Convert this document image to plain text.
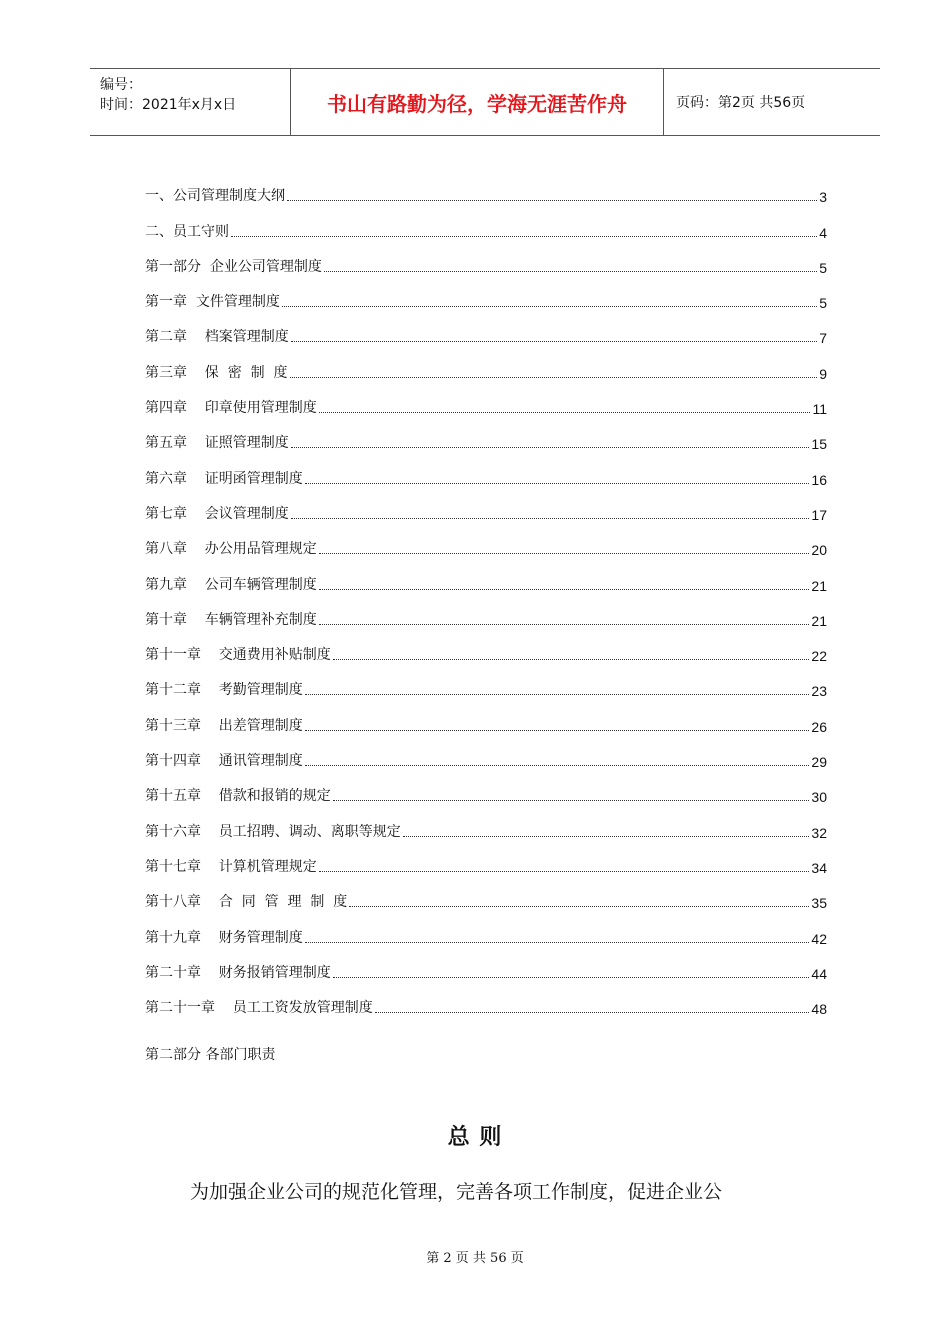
编号：
时间：2021年x月x日	书山有路勤为径，学海无涯苦作舟	页码：第2页 共56页
一、公司管理制度大纲	3
二、员工守则	4
第一部分  企业公司管理制度	5
第一章  文件管理制度	5
第二章    档案管理制度	7
第三章    保  密  制  度	9
第四章    印章使用管理制度	11
第五章    证照管理制度	15
第六章    证明函管理制度	16
第七章    会议管理制度	17
第八章    办公用品管理规定	20
第九章    公司车辆管理制度	21
第十章    车辆管理补充制度	21
第十一章    交通费用补贴制度	22
第十二章    考勤管理制度	23
第十三章    出差管理制度	26
第十四章    通讯管理制度	29
第十五章    借款和报销的规定	30
第十六章    员工招聘、调动、离职等规定	32
第十七章    计算机管理规定	34
第十八章    合  同  管  理  制  度	35
第十九章    财务管理制度	42
第二十章    财务报销管理制度	44
第二十一章    员工工资发放管理制度	48
第二部分 各部门职责
总 则
为加强企业公司的规范化管理，完善各项工作制度，促进企业公
第 2 页 共 56 页
